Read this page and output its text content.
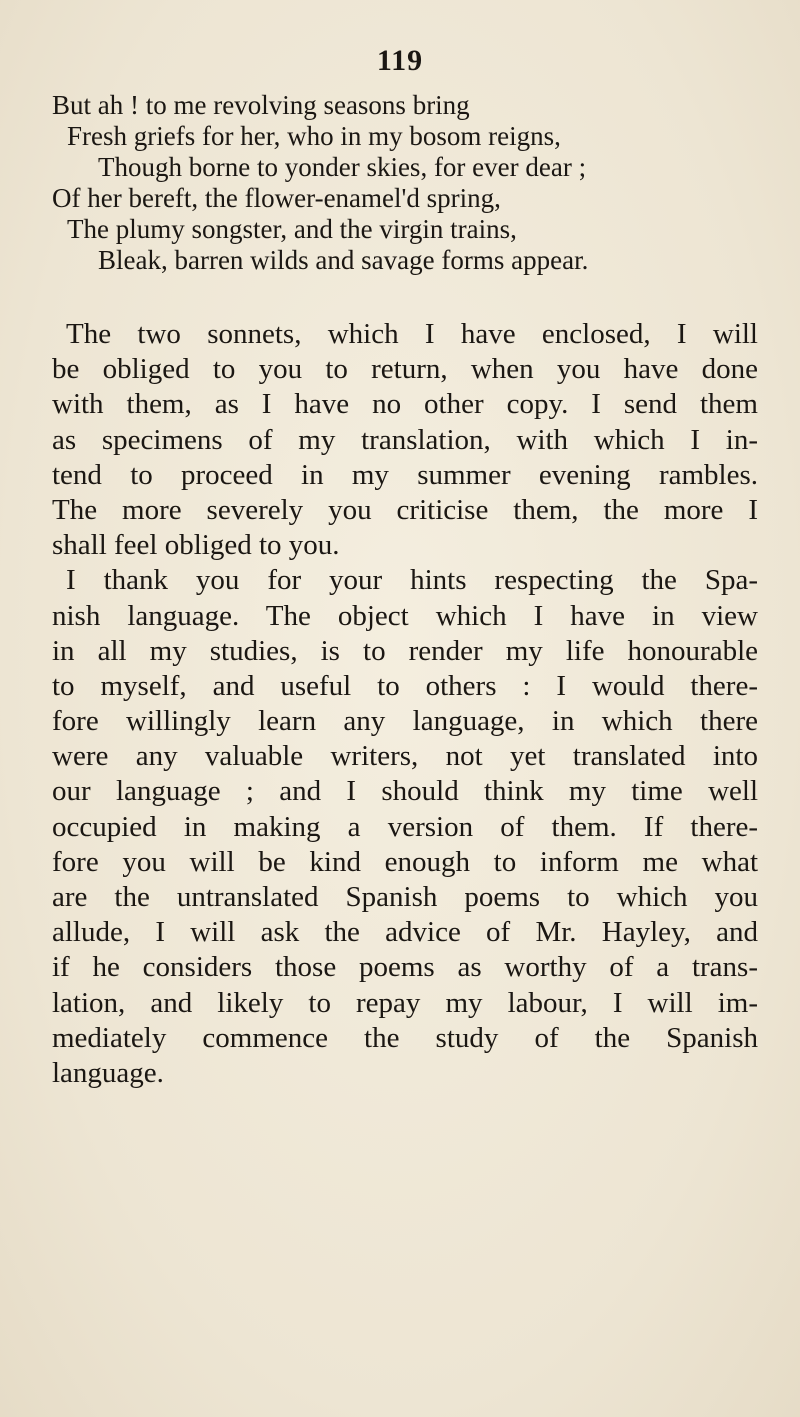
119
But ah ! to me revolving seasons bring
Fresh griefs for her, who in my bosom reigns,
Though borne to yonder skies, for ever dear ;
Of her bereft, the flower-enamel'd spring,
The plumy songster, and the virgin trains,
Bleak, barren wilds and savage forms appear.
The two sonnets, which I have enclosed, I will
be obliged to you to return, when you have done
with them, as I have no other copy. I send them
as specimens of my translation, with which I in-
tend to proceed in my summer evening rambles.
The more severely you criticise them, the more I
shall feel obliged to you.
I thank you for your hints respecting the Spa-
nish language. The object which I have in view
in all my studies, is to render my life honourable
to myself, and useful to others : I would there-
fore willingly learn any language, in which there
were any valuable writers, not yet translated into
our language ; and I should think my time well
occupied in making a version of them. If there-
fore you will be kind enough to inform me what
are the untranslated Spanish poems to which you
allude, I will ask the advice of Mr. Hayley, and
if he considers those poems as worthy of a trans-
lation, and likely to repay my labour, I will im-
mediately commence the study of the Spanish
language.
